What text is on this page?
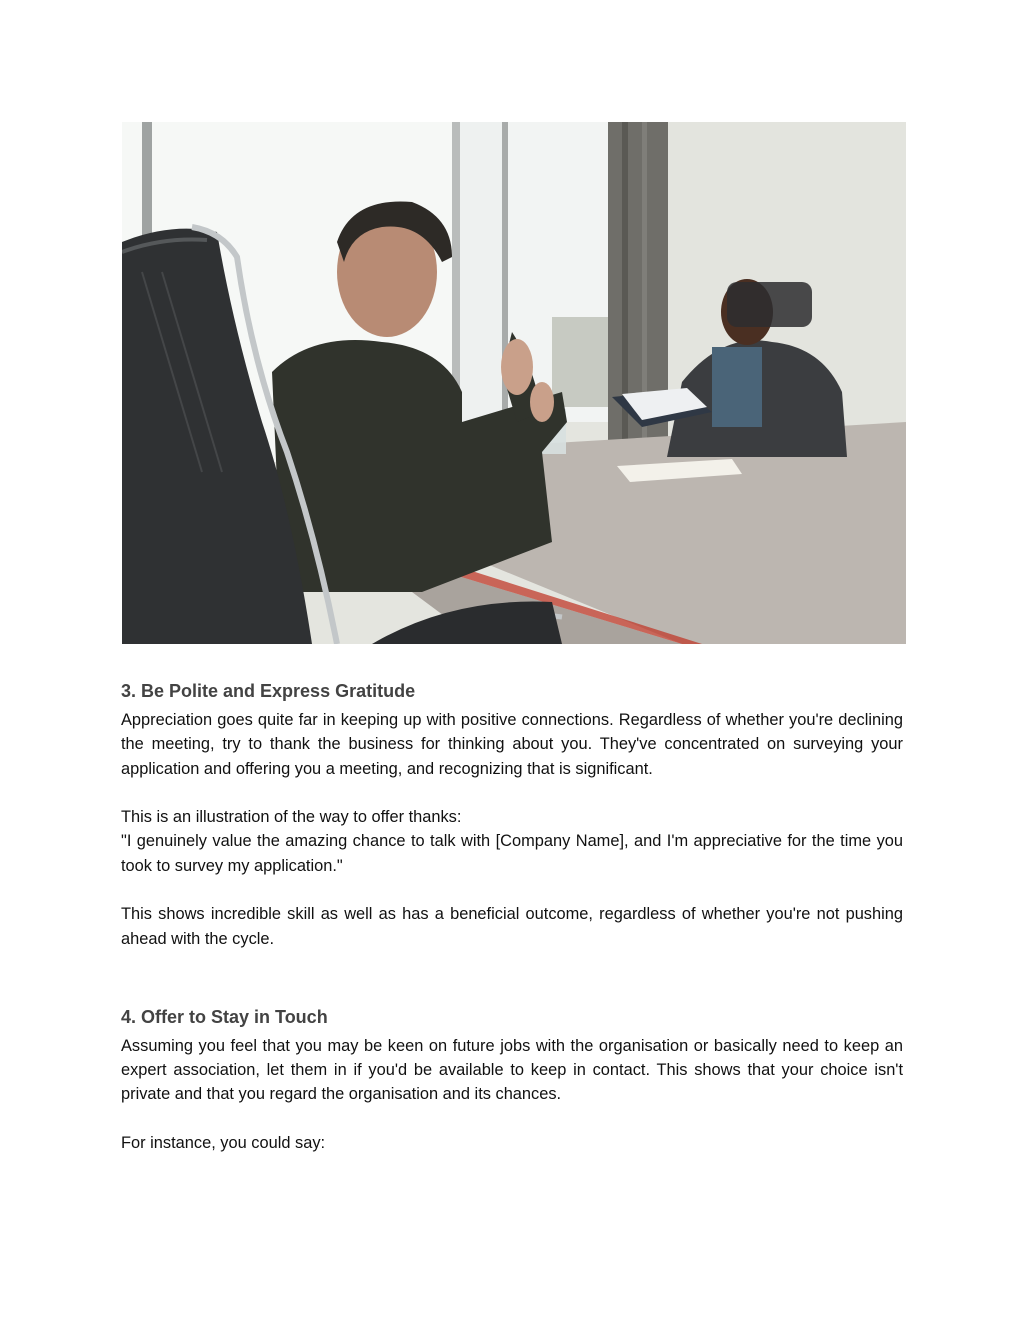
3. Be Polite and Express Gratitude

Appreciation goes quite far in keeping up with positive connections. Regardless of whether you're declining the meeting, try to thank the business for thinking about you. They've concentrated on surveying your application and offering you a meeting, and recognizing that is significant.

This is an illustration of the way to offer thanks:

"I genuinely value the amazing chance to talk with [Company Name], and I'm appreciative for the time you took to survey my application."

This shows incredible skill as well as has a beneficial outcome, regardless of whether you're not pushing ahead with the cycle.

4. Offer to Stay in Touch

Assuming you feel that you may be keen on future jobs with the organisation or basically need to keep an expert association, let them in if you'd be available to keep in contact. This shows that your choice isn't private and that you regard the organisation and its chances.

For instance, you could say:
